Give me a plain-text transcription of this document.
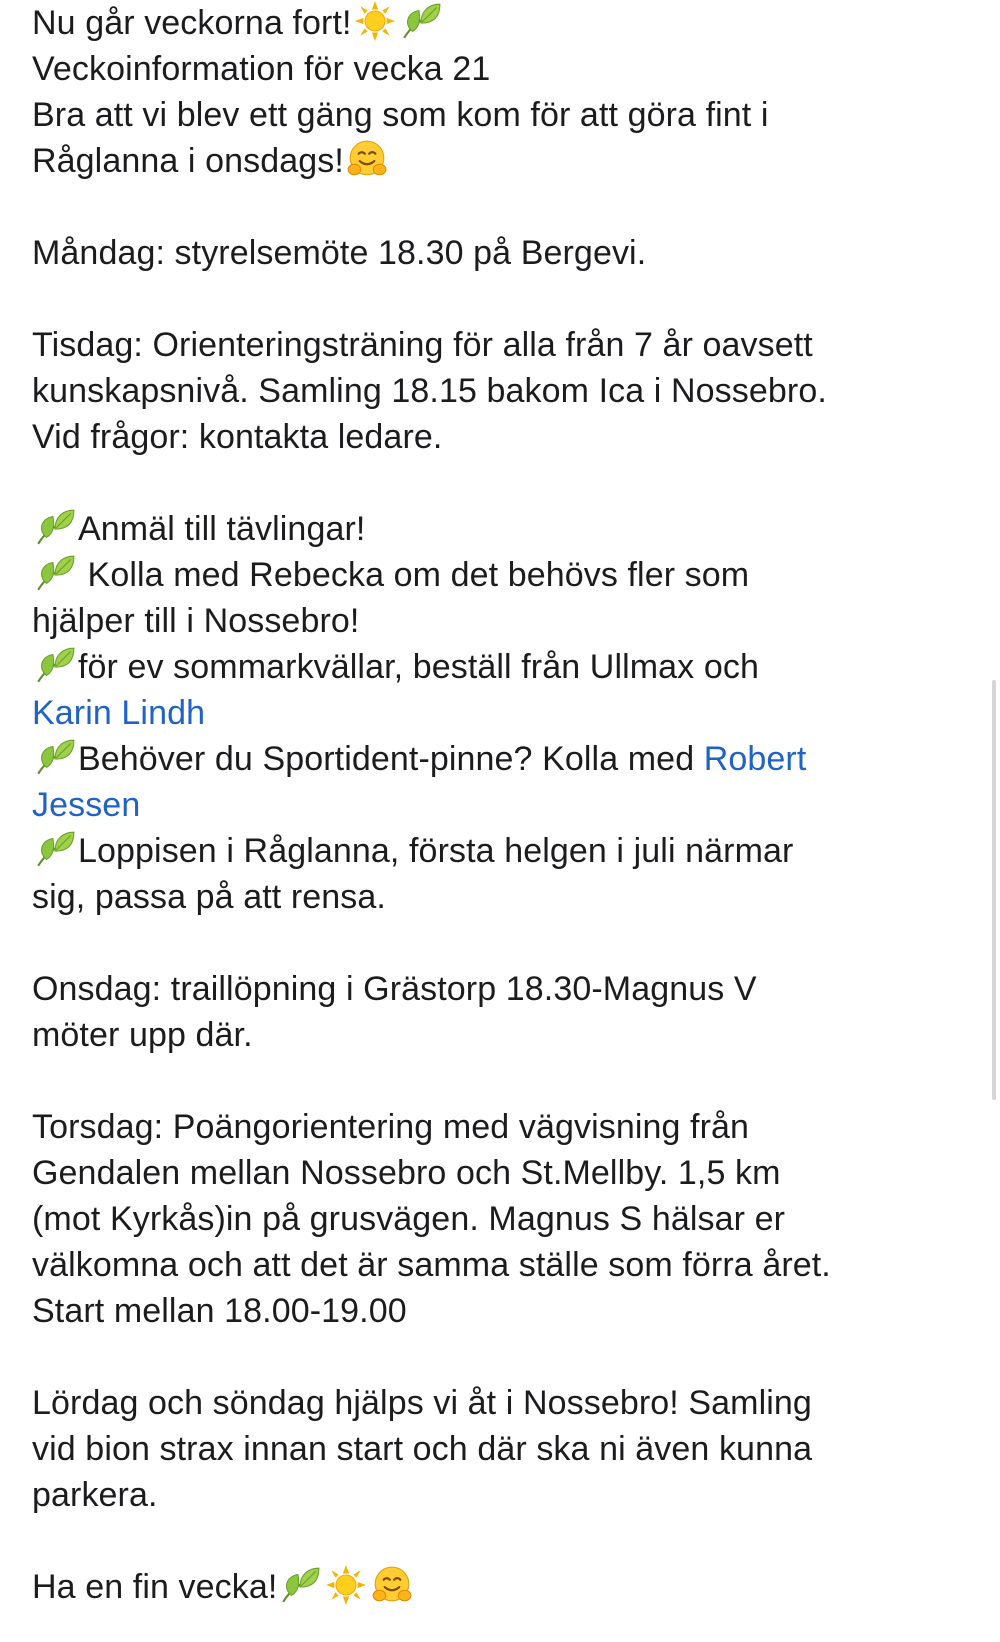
Nu går veckorna fort!
Veckoinformation för vecka 21
Bra att vi blev ett gäng som kom för att göra fint i
Råglanna i onsdags!
Måndag: styrelsemöte 18.30 på Bergevi.
Tisdag: Orienteringsträning för alla från 7 år oavsett
kunskapsnivå. Samling 18.15 bakom Ica i Nossebro.
Vid frågor: kontakta ledare.
Anmäl till tävlingar!
Kolla med Rebecka om det behövs fler som
hjälper till i Nossebro!
för ev sommarkvällar, beställ från Ullmax och
Karin Lindh
Behöver du Sportident-pinne? Kolla med Robert
Jessen
Loppisen i Råglanna, första helgen i juli närmar
sig, passa på att rensa.
Onsdag: traillöpning i Grästorp 18.30-Magnus V
möter upp där.
Torsdag: Poängorientering med vägvisning från
Gendalen mellan Nossebro och St.Mellby. 1,5 km
(mot Kyrkås)in på grusvägen. Magnus S hälsar er
välkomna och att det är samma ställe som förra året.
Start mellan 18.00-19.00
Lördag och söndag hjälps vi åt i Nossebro! Samling
vid bion strax innan start och där ska ni även kunna
parkera.
Ha en fin vecka!
